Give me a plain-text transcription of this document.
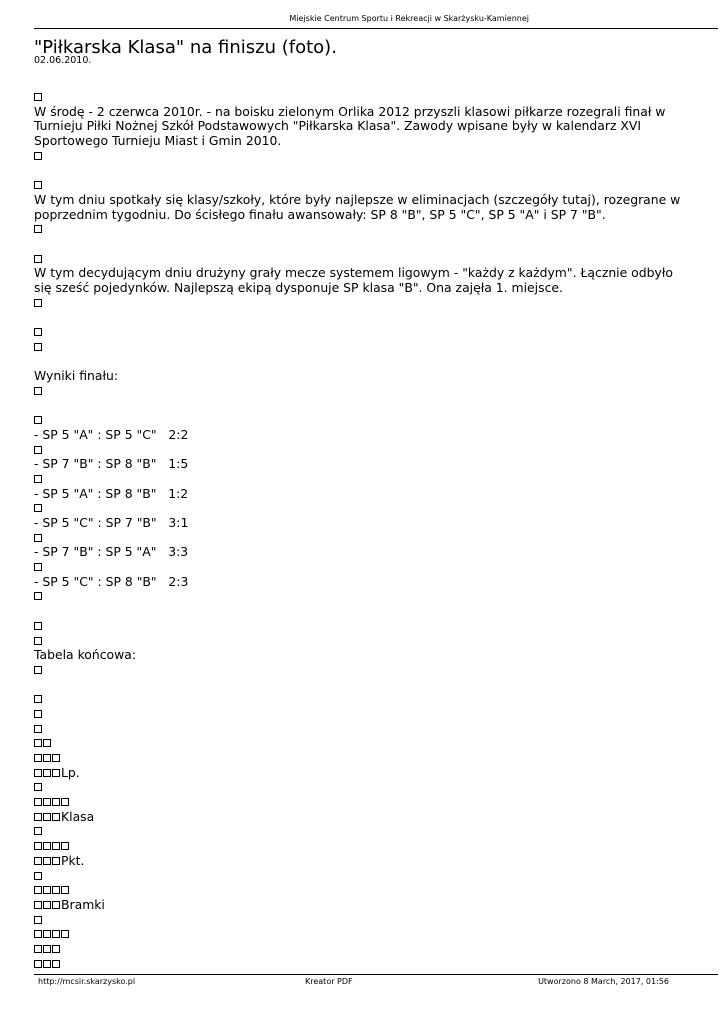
Miejskie Centrum Sportu i Rekreacji w Skarżysku-Kamiennej
"Piłkarska Klasa" na finiszu (foto).
02.06.2010.
W środę - 2 czerwca 2010r. - na boisku zielonym Orlika 2012 przyszli klasowi piłkarze rozegrali finał w Turnieju Piłki Nożnej Szkół Podstawowych "Piłkarska Klasa". Zawody wpisane były w kalendarz XVI Sportowego Turnieju Miast i Gmin 2010.
W tym dniu spotkały się klasy/szkoły, które były najlepsze w eliminacjach (szczegóły tutaj), rozegrane w poprzednim tygodniu. Do ścisłego finału awansowały: SP 8 "B", SP 5 "C", SP 5 "A" i SP 7 "B".
W tym decydującym dniu drużyny grały mecze systemem ligowym - "każdy z każdym". Łącznie odbyło się sześć pojedynków. Najlepszą ekipą dysponuje SP klasa "B". Ona zajęła 1. miejsce.
Wyniki finału:
- SP 5 "A" : SP 5 "C"   2:2
- SP 7 "B" : SP 8 "B"   1:5
- SP 5 "A" : SP 8 "B"   1:2
- SP 5 "C" : SP 7 "B"   3:1
- SP 7 "B" : SP 5 "A"   3:3
- SP 5 "C" : SP 8 "B"   2:3
Tabela końcowa:
Lp.
Klasa
Pkt.
Bramki
http://mcsir.skarzysko.pl	Kreator PDF	Utworzono 8 March, 2017, 01:56
